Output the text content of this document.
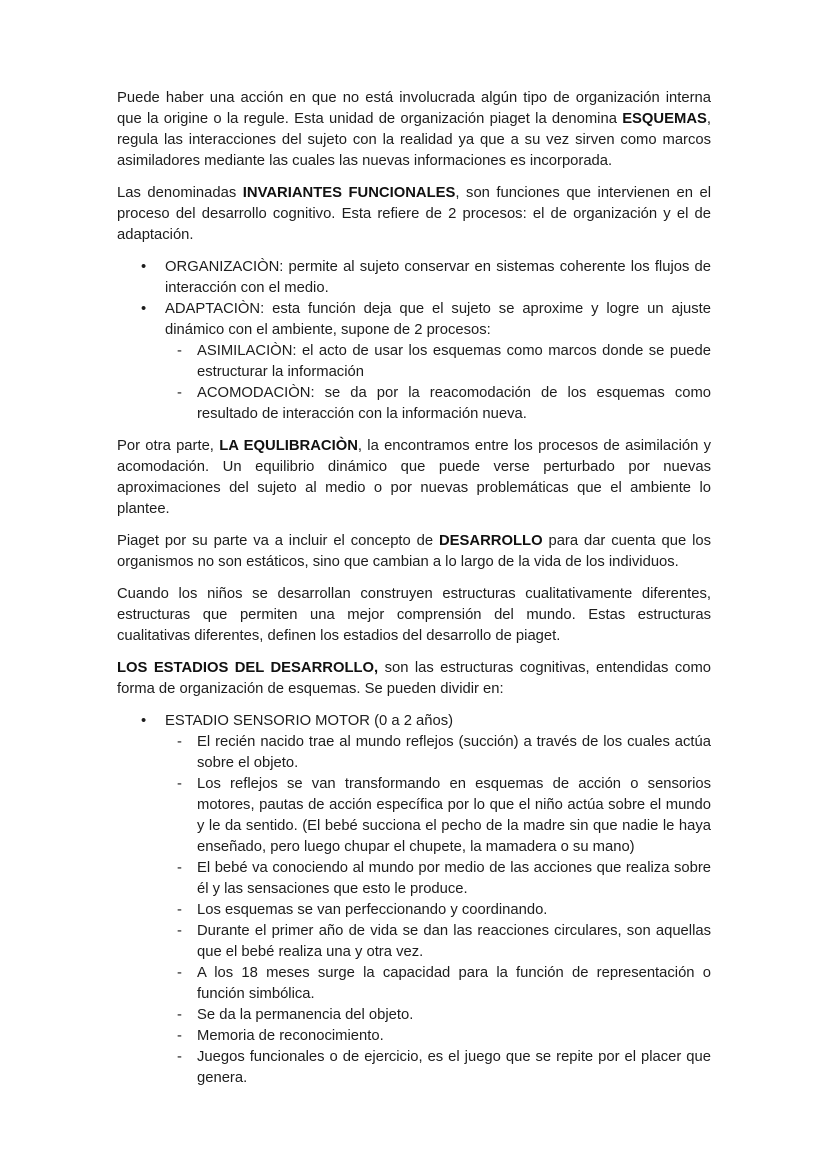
Puede haber una acción en que no está involucrada algún tipo de organización interna que la origine o la regule. Esta unidad de organización piaget la denomina ESQUEMAS, regula las interacciones del sujeto con la realidad ya que a su vez sirven como marcos asimiladores mediante las cuales las nuevas informaciones es incorporada.

Las denominadas INVARIANTES FUNCIONALES, son funciones que intervienen en el proceso del desarrollo cognitivo. Esta refiere de 2 procesos: el de organización y el de adaptación.

• ORGANIZACIÒN: permite al sujeto conservar en sistemas coherente los flujos de interacción con el medio.
• ADAPTACIÒN: esta función deja que el sujeto se aproxime y logre un ajuste dinámico con el ambiente, supone de 2 procesos:
- ASIMILACIÒN: el acto de usar los esquemas como marcos donde se puede estructurar la información
- ACOMODACIÒN: se da por la reacomodación de los esquemas como resultado de interacción con la información nueva.

Por otra parte, LA EQULIBRACIÒN, la encontramos entre los procesos de asimilación y acomodación. Un equilibrio dinámico que puede verse perturbado por nuevas aproximaciones del sujeto al medio o por nuevas problemáticas que el ambiente lo plantee.

Piaget por su parte va a incluir el concepto de DESARROLLO para dar cuenta que los organismos no son estáticos, sino que cambian a lo largo de la vida de los individuos.

Cuando los niños se desarrollan construyen estructuras cualitativamente diferentes, estructuras que permiten una mejor comprensión del mundo. Estas estructuras cualitativas diferentes, definen los estadios del desarrollo de piaget.

LOS ESTADIOS DEL DESARROLLO, son las estructuras cognitivas, entendidas como forma de organización de esquemas. Se pueden dividir en:

• ESTADIO SENSORIO MOTOR (0 a 2 años)
- El recién nacido trae al mundo reflejos (succión) a través de los cuales actúa sobre el objeto.
- Los reflejos se van transformando en esquemas de acción o sensorios motores, pautas de acción específica por lo que el niño actúa sobre el mundo y le da sentido. (El bebé succiona el pecho de la madre sin que nadie le haya enseñado, pero luego chupar el chupete, la mamadera o su mano)
- El bebé va conociendo al mundo por medio de las acciones que realiza sobre él y las sensaciones que esto le produce.
- Los esquemas se van perfeccionando y coordinando.
- Durante el primer año de vida se dan las reacciones circulares, son aquellas que el bebé realiza una y otra vez.
- A los 18 meses surge la capacidad para la función de representación o función simbólica.
- Se da la permanencia del objeto.
- Memoria de reconocimiento.
- Juegos funcionales o de ejercicio, es el juego que se repite por el placer que genera.
